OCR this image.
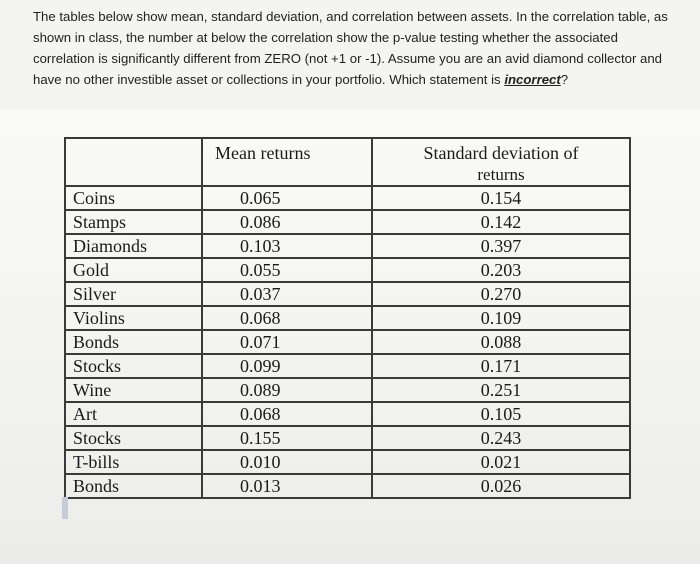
The tables below show mean, standard deviation, and correlation between assets. In the correlation table, as shown in class, the number at below the correlation show the p-value testing whether the associated correlation is significantly different from ZERO (not +1 or -1). Assume you are an avid diamond collector and have no other investible asset or collections in your portfolio. Which statement is incorrect?
	Mean returns	Standard deviation of
returns

Coins	0.065	0.154
Stamps	0.086	0.142
Diamonds	0.103	0.397
Gold	0.055	0.203
Silver	0.037	0.270
Violins	0.068	0.109
Bonds	0.071	0.088
Stocks	0.099	0.171
Wine	0.089	0.251
Art	0.068	0.105
Stocks	0.155	0.243
T-bills	0.010	0.021
Bonds	0.013	0.026
